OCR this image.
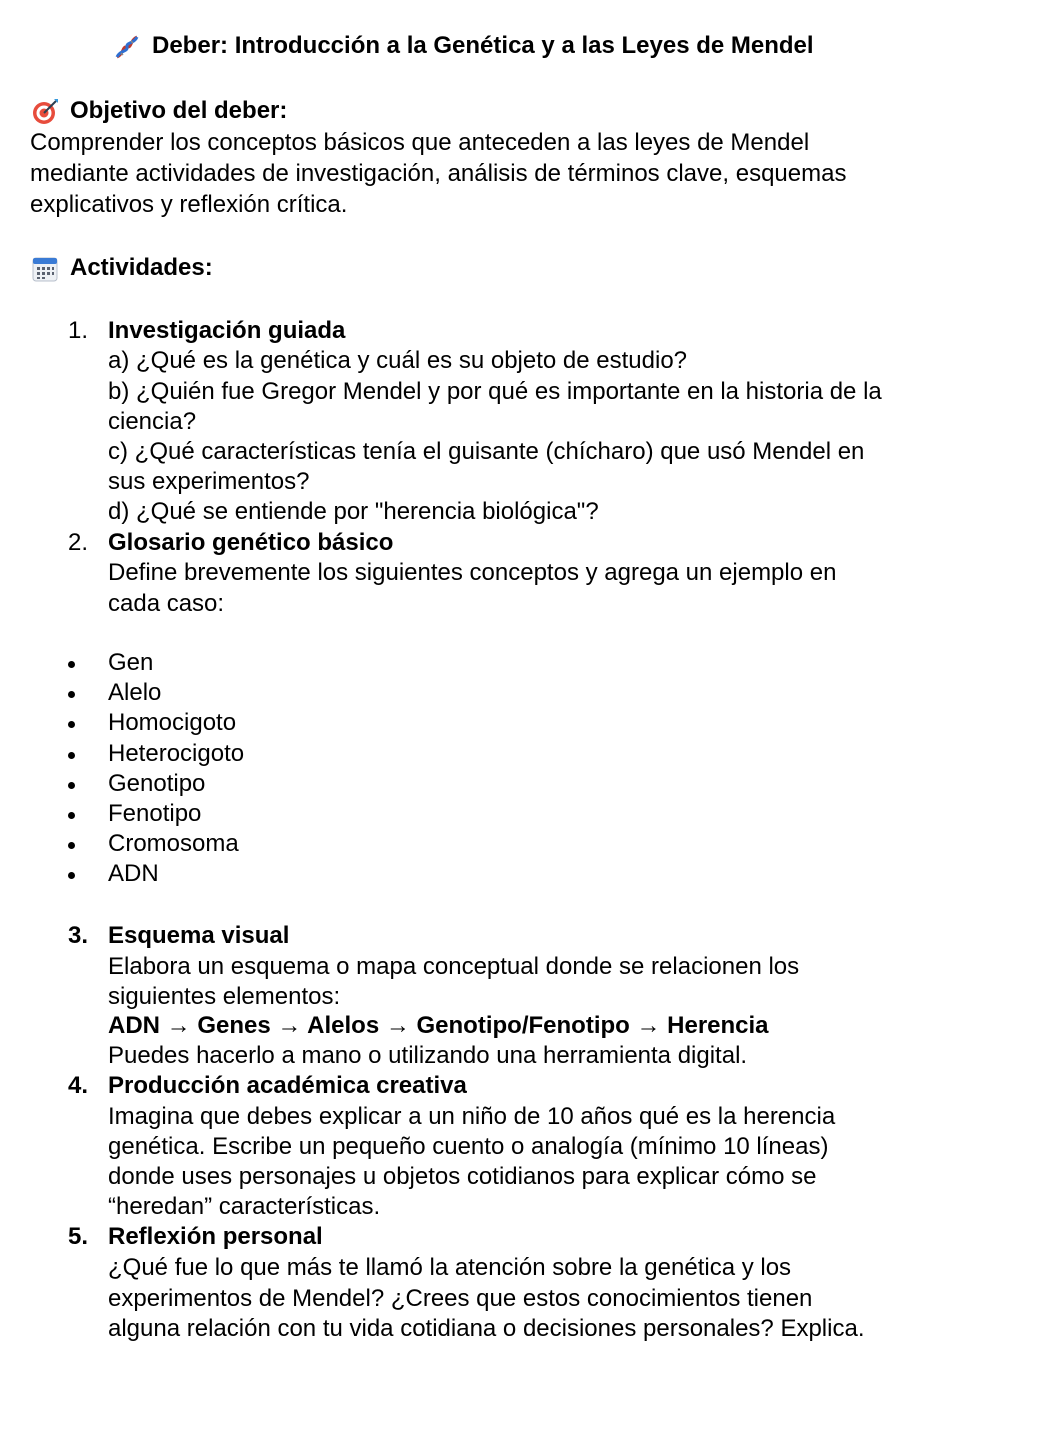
Deber: Introducción a la Genética y a las Leyes de Mendel
Objetivo del deber:
Comprender los conceptos básicos que anteceden a las leyes de Mendel
mediante actividades de investigación, análisis de términos clave, esquemas
explicativos y reflexión crítica.
Actividades:
1. Investigación guiada
a) ¿Qué es la genética y cuál es su objeto de estudio?
b) ¿Quién fue Gregor Mendel y por qué es importante en la historia de la
ciencia?
c) ¿Qué características tenía el guisante (chícharo) que usó Mendel en
sus experimentos?
d) ¿Qué se entiende por "herencia biológica"?
2. Glosario genético básico
Define brevemente los siguientes conceptos y agrega un ejemplo en
cada caso:
Gen
Alelo
Homocigoto
Heterocigoto
Genotipo
Fenotipo
Cromosoma
ADN
3. Esquema visual
Elabora un esquema o mapa conceptual donde se relacionen los
siguientes elementos:
ADN → Genes → Alelos → Genotipo/Fenotipo → Herencia
Puedes hacerlo a mano o utilizando una herramienta digital.
4. Producción académica creativa
Imagina que debes explicar a un niño de 10 años qué es la herencia
genética. Escribe un pequeño cuento o analogía (mínimo 10 líneas)
donde uses personajes u objetos cotidianos para explicar cómo se
“heredan” características.
5. Reflexión personal
¿Qué fue lo que más te llamó la atención sobre la genética y los
experimentos de Mendel? ¿Crees que estos conocimientos tienen
alguna relación con tu vida cotidiana o decisiones personales? Explica.
